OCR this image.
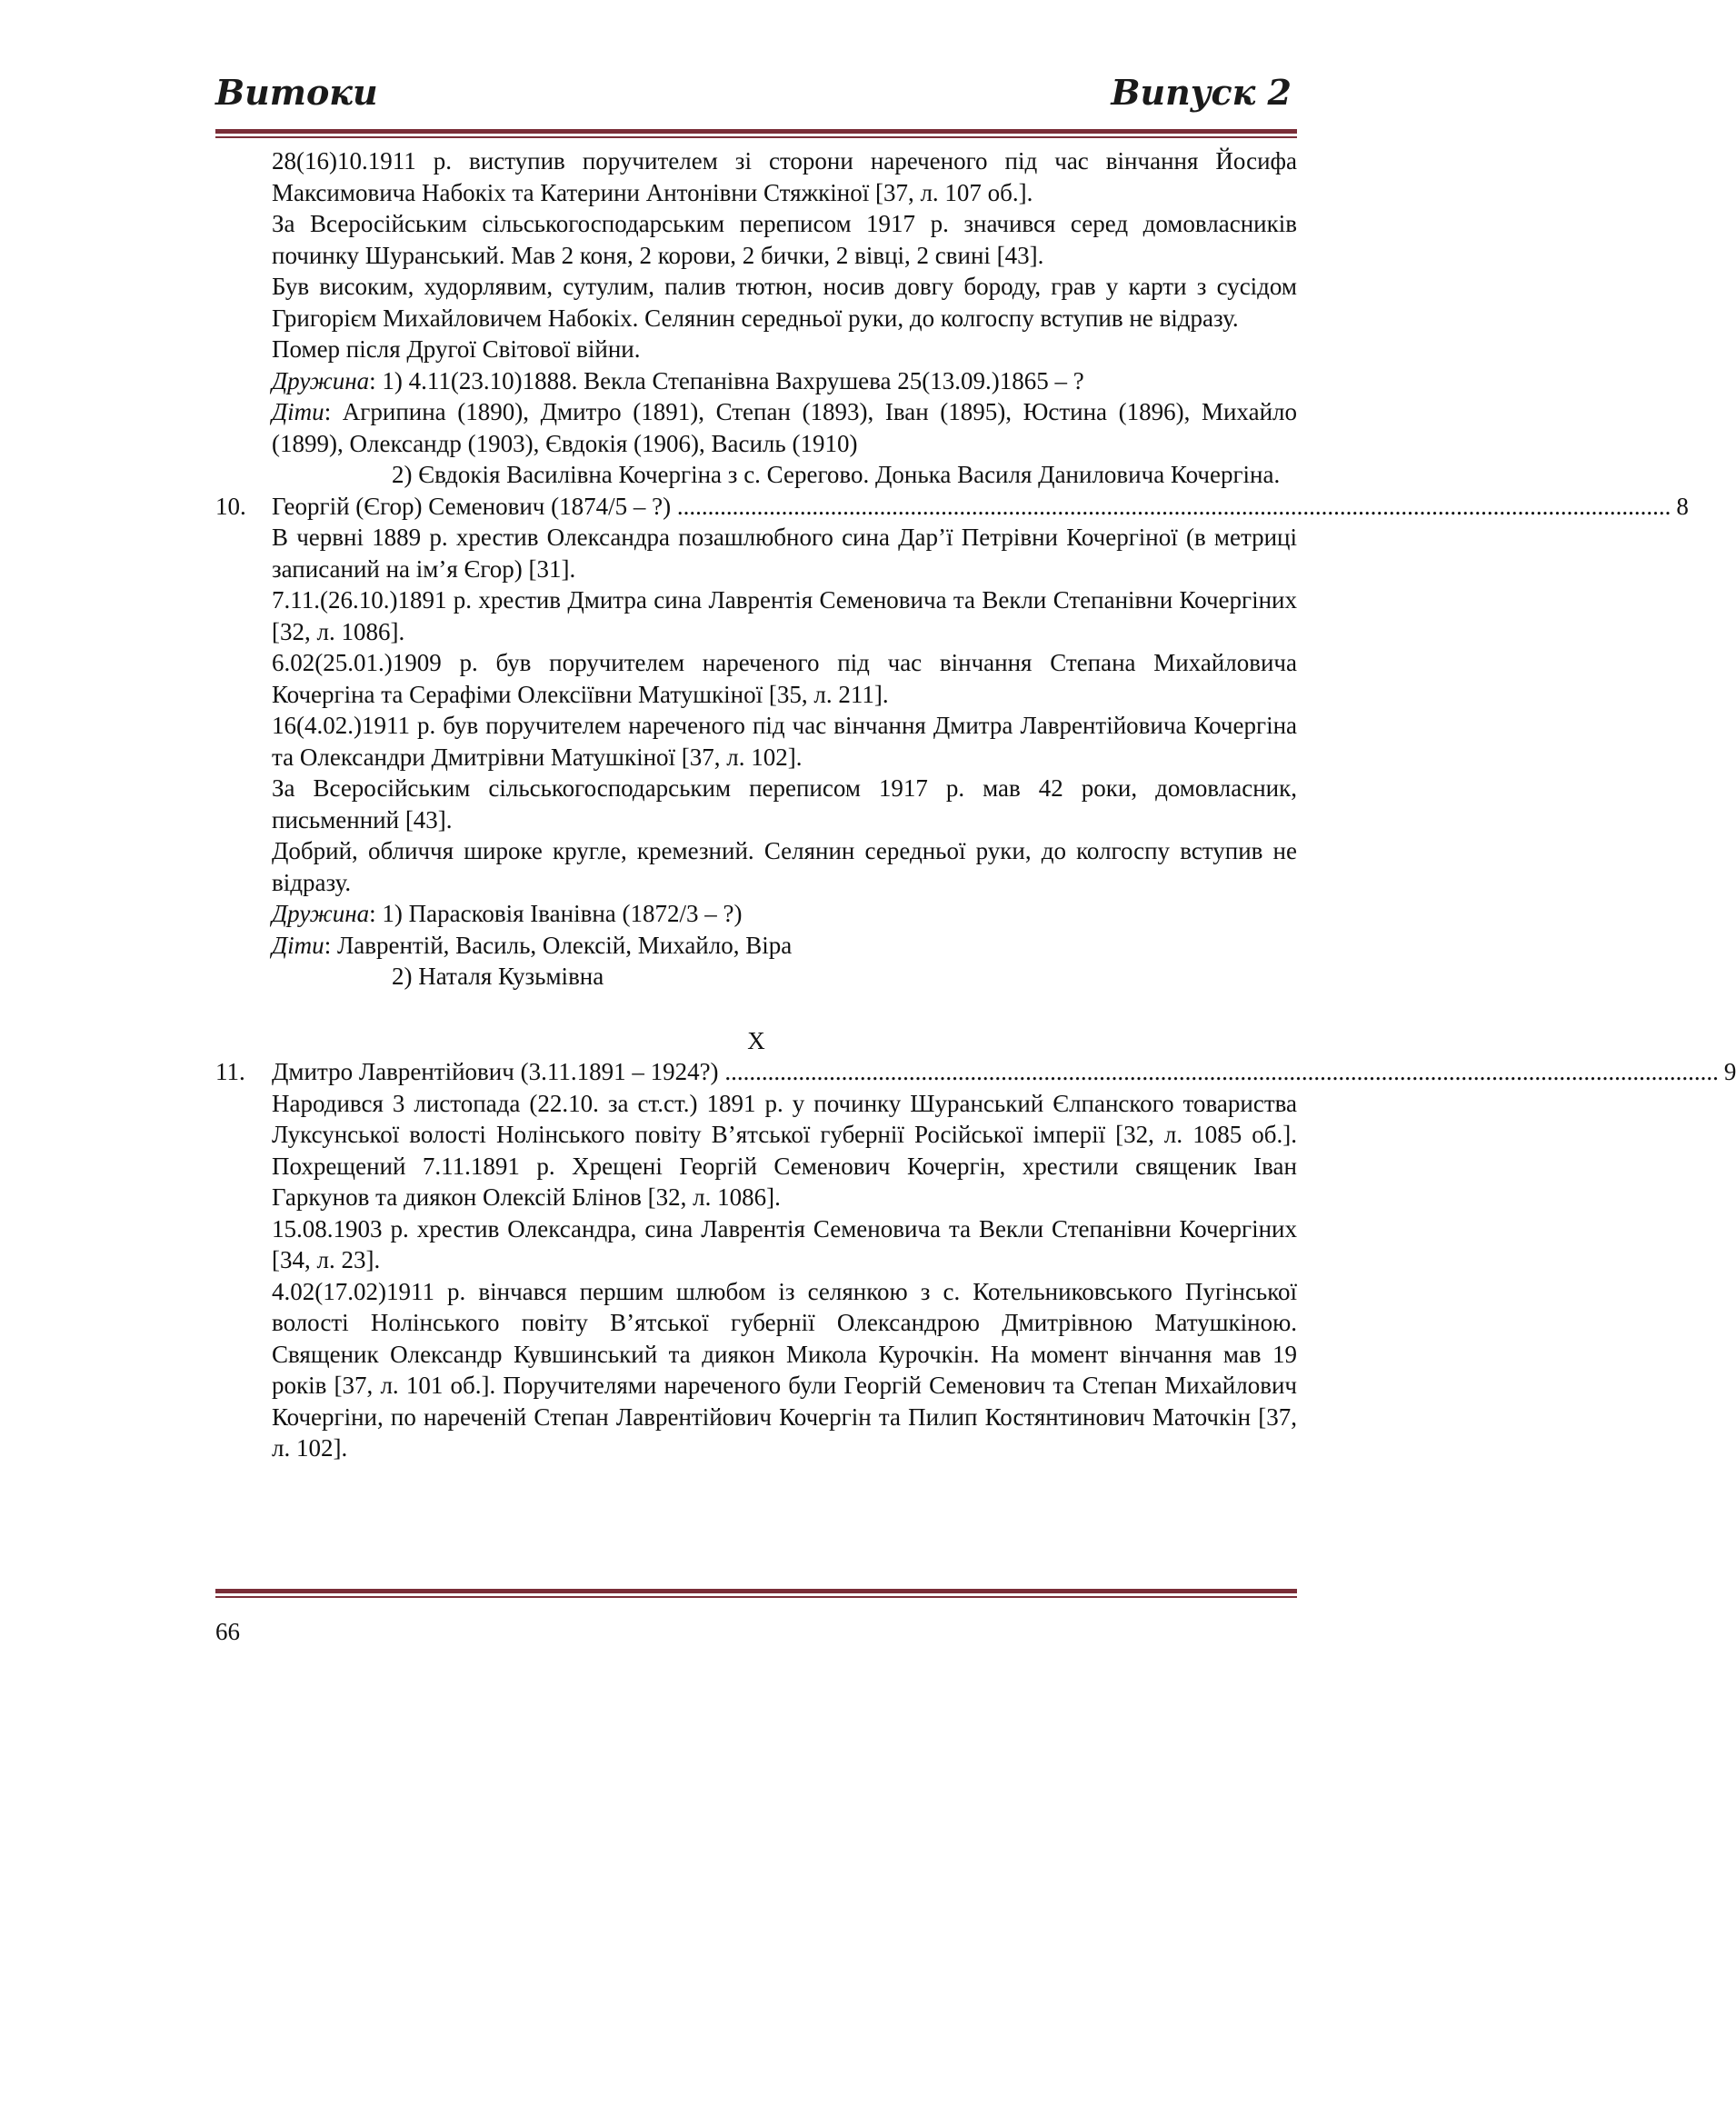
Витоки	Випуск 2
28(16)10.1911 р. виступив поручителем зі сторони нареченого під час вінчання Йосифа Максимовича Набокіх та Катерини Антонівни Стяжкіної [37, л. 107 об.].
За Всеросійським сільськогосподарським переписом 1917 р. значився серед домовласників починку Шуранський. Мав 2 коня, 2 корови, 2 бички, 2 вівці, 2 свині [43].
Був високим, худорлявим, сутулим, палив тютюн, носив довгу бороду, грав у карти з сусідом Григорієм Михайловичем Набокіх. Селянин середньої руки, до колгоспу вступив не відразу.
Помер після Другої Світової війни.
Дружина: 1) 4.11(23.10)1888. Векла Степанівна Вахрушева 25(13.09.)1865 – ?
Діти: Агрипина (1890), Дмитро (1891), Степан (1893), Іван (1895), Юстина (1896), Михайло (1899), Олександр (1903), Євдокія (1906), Василь (1910)
2) Євдокія Василівна Кочергіна з с. Серегово. Донька Василя Даниловича Кочергіна.
10.	Георгій (Єгор) Семенович (1874/5 – ?) .................................................................................................................................................................. 8
В червні 1889 р. хрестив Олександра позашлюбного сина Дар’ї Петрівни Кочергіної (в метриці записаний на ім’я Єгор) [31].
7.11.(26.10.)1891 р. хрестив Дмитра сина Лаврентія Семеновича та Векли Степанівни Кочергіних [32, л. 1086].
6.02(25.01.)1909 р. був поручителем нареченого під час вінчання Степана Михайловича Кочергіна та Серафіми Олексіївни Матушкіної [35, л. 211].
16(4.02.)1911 р. був поручителем нареченого під час вінчання Дмитра Лаврентійовича Кочергіна та Олександри Дмитрівни Матушкіної [37, л. 102].
За Всеросійським сільськогосподарським переписом 1917 р. мав 42 роки, домовласник, письменний [43].
Добрий, обличчя широке кругле, кремезний. Селянин середньої руки, до колгоспу вступив не відразу.
Дружина: 1) Парасковія Іванівна (1872/3 – ?)
Діти: Лаврентій, Василь, Олексій, Михайло, Віра
2) Наталя Кузьмівна
X
11.	Дмитро Лаврентійович (3.11.1891 – 1924?) .................................................................................................................................................................. 9
Народився 3 листопада (22.10. за ст.ст.) 1891 р. у починку Шуранський Єлпанского товариства Луксунської волості Нолінського повіту В’ятської губернії Російської імперії [32, л. 1085 об.]. Похрещений 7.11.1891 р. Хрещені Георгій Семенович Кочергін, хрестили священик Іван Гаркунов та диякон Олексій Блінов [32, л. 1086].
15.08.1903 р. хрестив Олександра, сина Лаврентія Семеновича та Векли Степанівни Кочергіних [34, л. 23].
4.02(17.02)1911 р. вінчався першим шлюбом із селянкою з с. Котельниковського Пугінської волості Нолінського повіту В’ятської губернії Олександрою Дмитрівною Матушкіною. Священик Олександр Кувшинський та диякон Микола Курочкін. На момент вінчання мав 19 років [37, л. 101 об.]. Поручителями нареченого були Георгій Семенович та Степан Михайлович Кочергіни, по нареченій Степан Лаврентійович Кочергін та Пилип Костянтинович Маточкін [37, л. 102].
66
